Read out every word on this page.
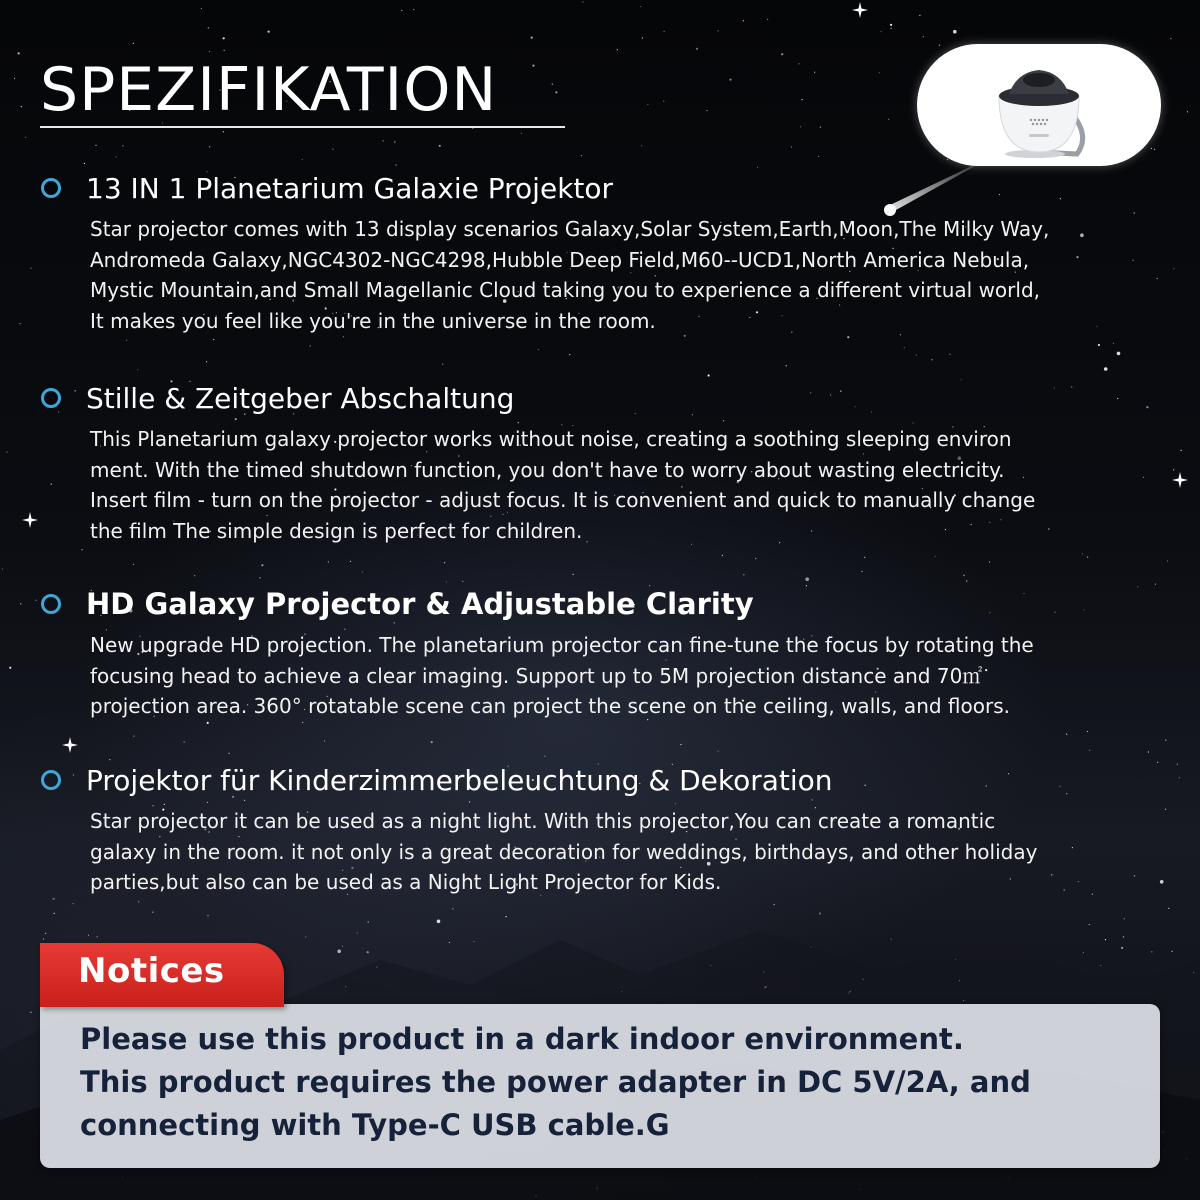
SPEZIFIKATION
13 IN 1 Planetarium Galaxie Projektor
Star projector comes with 13 display scenarios Galaxy,Solar System,Earth,Moon,The Milky Way,
Andromeda Galaxy,NGC4302-NGC4298,Hubble Deep Field,M60--UCD1,North America Nebula,
Mystic Mountain,and Small Magellanic Cloud taking you to experience a different virtual world,
It makes you feel like you're in the universe in the room.
Stille & Zeitgeber Abschaltung
This Planetarium galaxy projector works without noise, creating a soothing sleeping environ
ment. With the timed shutdown function, you don't have to worry about wasting electricity.
Insert film - turn on the projector - adjust focus. It is convenient and quick to manually change
the film The simple design is perfect for children.
HD Galaxy Projector & Adjustable Clarity
New upgrade HD projection. The planetarium projector can fine-tune the focus by rotating the
focusing head to achieve a clear imaging. Support up to 5M projection distance and 70㎡
projection area. 360° rotatable scene can project the scene on the ceiling, walls, and floors.
Projektor für Kinderzimmerbeleuchtung & Dekoration
Star projector it can be used as a night light. With this projector,You can create a romantic
galaxy in the room. it not only is a great decoration for weddings, birthdays, and other holiday
parties,but also can be used as a Night Light Projector for Kids.
Notices
Please use this product in a dark indoor environment.
This product requires the power adapter in DC 5V/2A, and
connecting with Type-C USB cable.G
